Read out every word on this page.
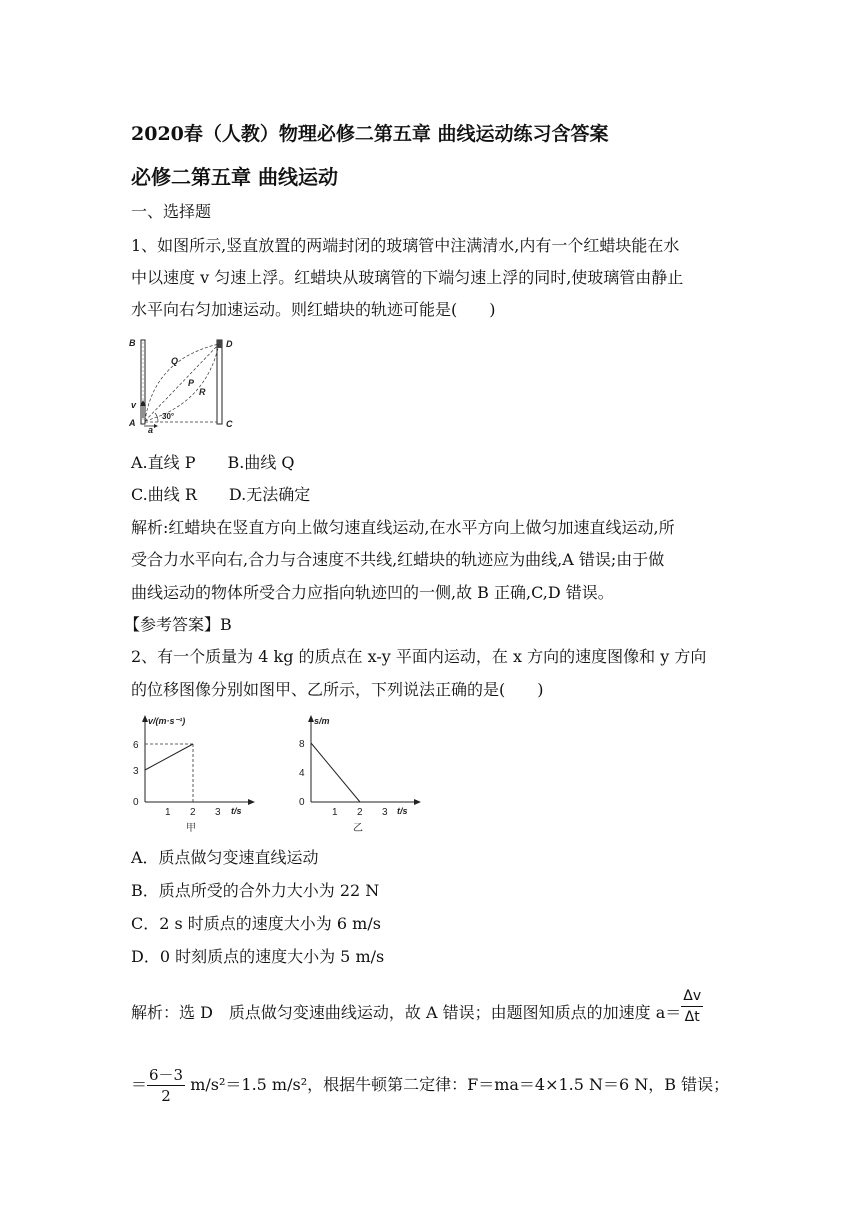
2020春（人教）物理必修二第五章 曲线运动练习含答案
必修二第五章 曲线运动
一、选择题
1、如图所示,竖直放置的两端封闭的玻璃管中注满清水,内有一个红蜡块能在水
中以速度 v 匀速上浮。红蜡块从玻璃管的下端匀速上浮的同时,使玻璃管由静止
水平向右匀加速运动。则红蜡块的轨迹可能是(　　)
B	D
Q
P
R
v
30°
A
a
C
A.直线 P　　B.曲线 Q
C.曲线 R　　D.无法确定
解析:红蜡块在竖直方向上做匀速直线运动,在水平方向上做匀加速直线运动,所
受合力水平向右,合力与合速度不共线,红蜡块的轨迹应为曲线,A 错误;由于做
曲线运动的物体所受合力应指向轨迹凹的一侧,故 B 正确,C,D 错误。
【参考答案】B
2、有一个质量为 4 kg 的质点在 x-y 平面内运动，在 x 方向的速度图像和 y 方向
的位移图像分别如图甲、乙所示，下列说法正确的是(　　)
v/(m·s⁻¹)
6
3
0
1 2 3 t/s
甲
s/m
8
4
0
1 2 3 t/s
乙
A．质点做匀变速直线运动
B．质点所受的合外力大小为 22 N
C．2 s 时质点的速度大小为 6 m/s
D．0 时刻质点的速度大小为 5 m/s
解析：选 D　质点做匀变速曲线运动，故 A 错误；由题图知质点的加速度 $a= \frac{\Delta v}{\Delta t}$
＝ $\frac{6-3}{2} m/s^2=1.5$ m/s²，根据牛顿第二定律：F＝ma＝4×1.5 N＝6 N，B 错误；
